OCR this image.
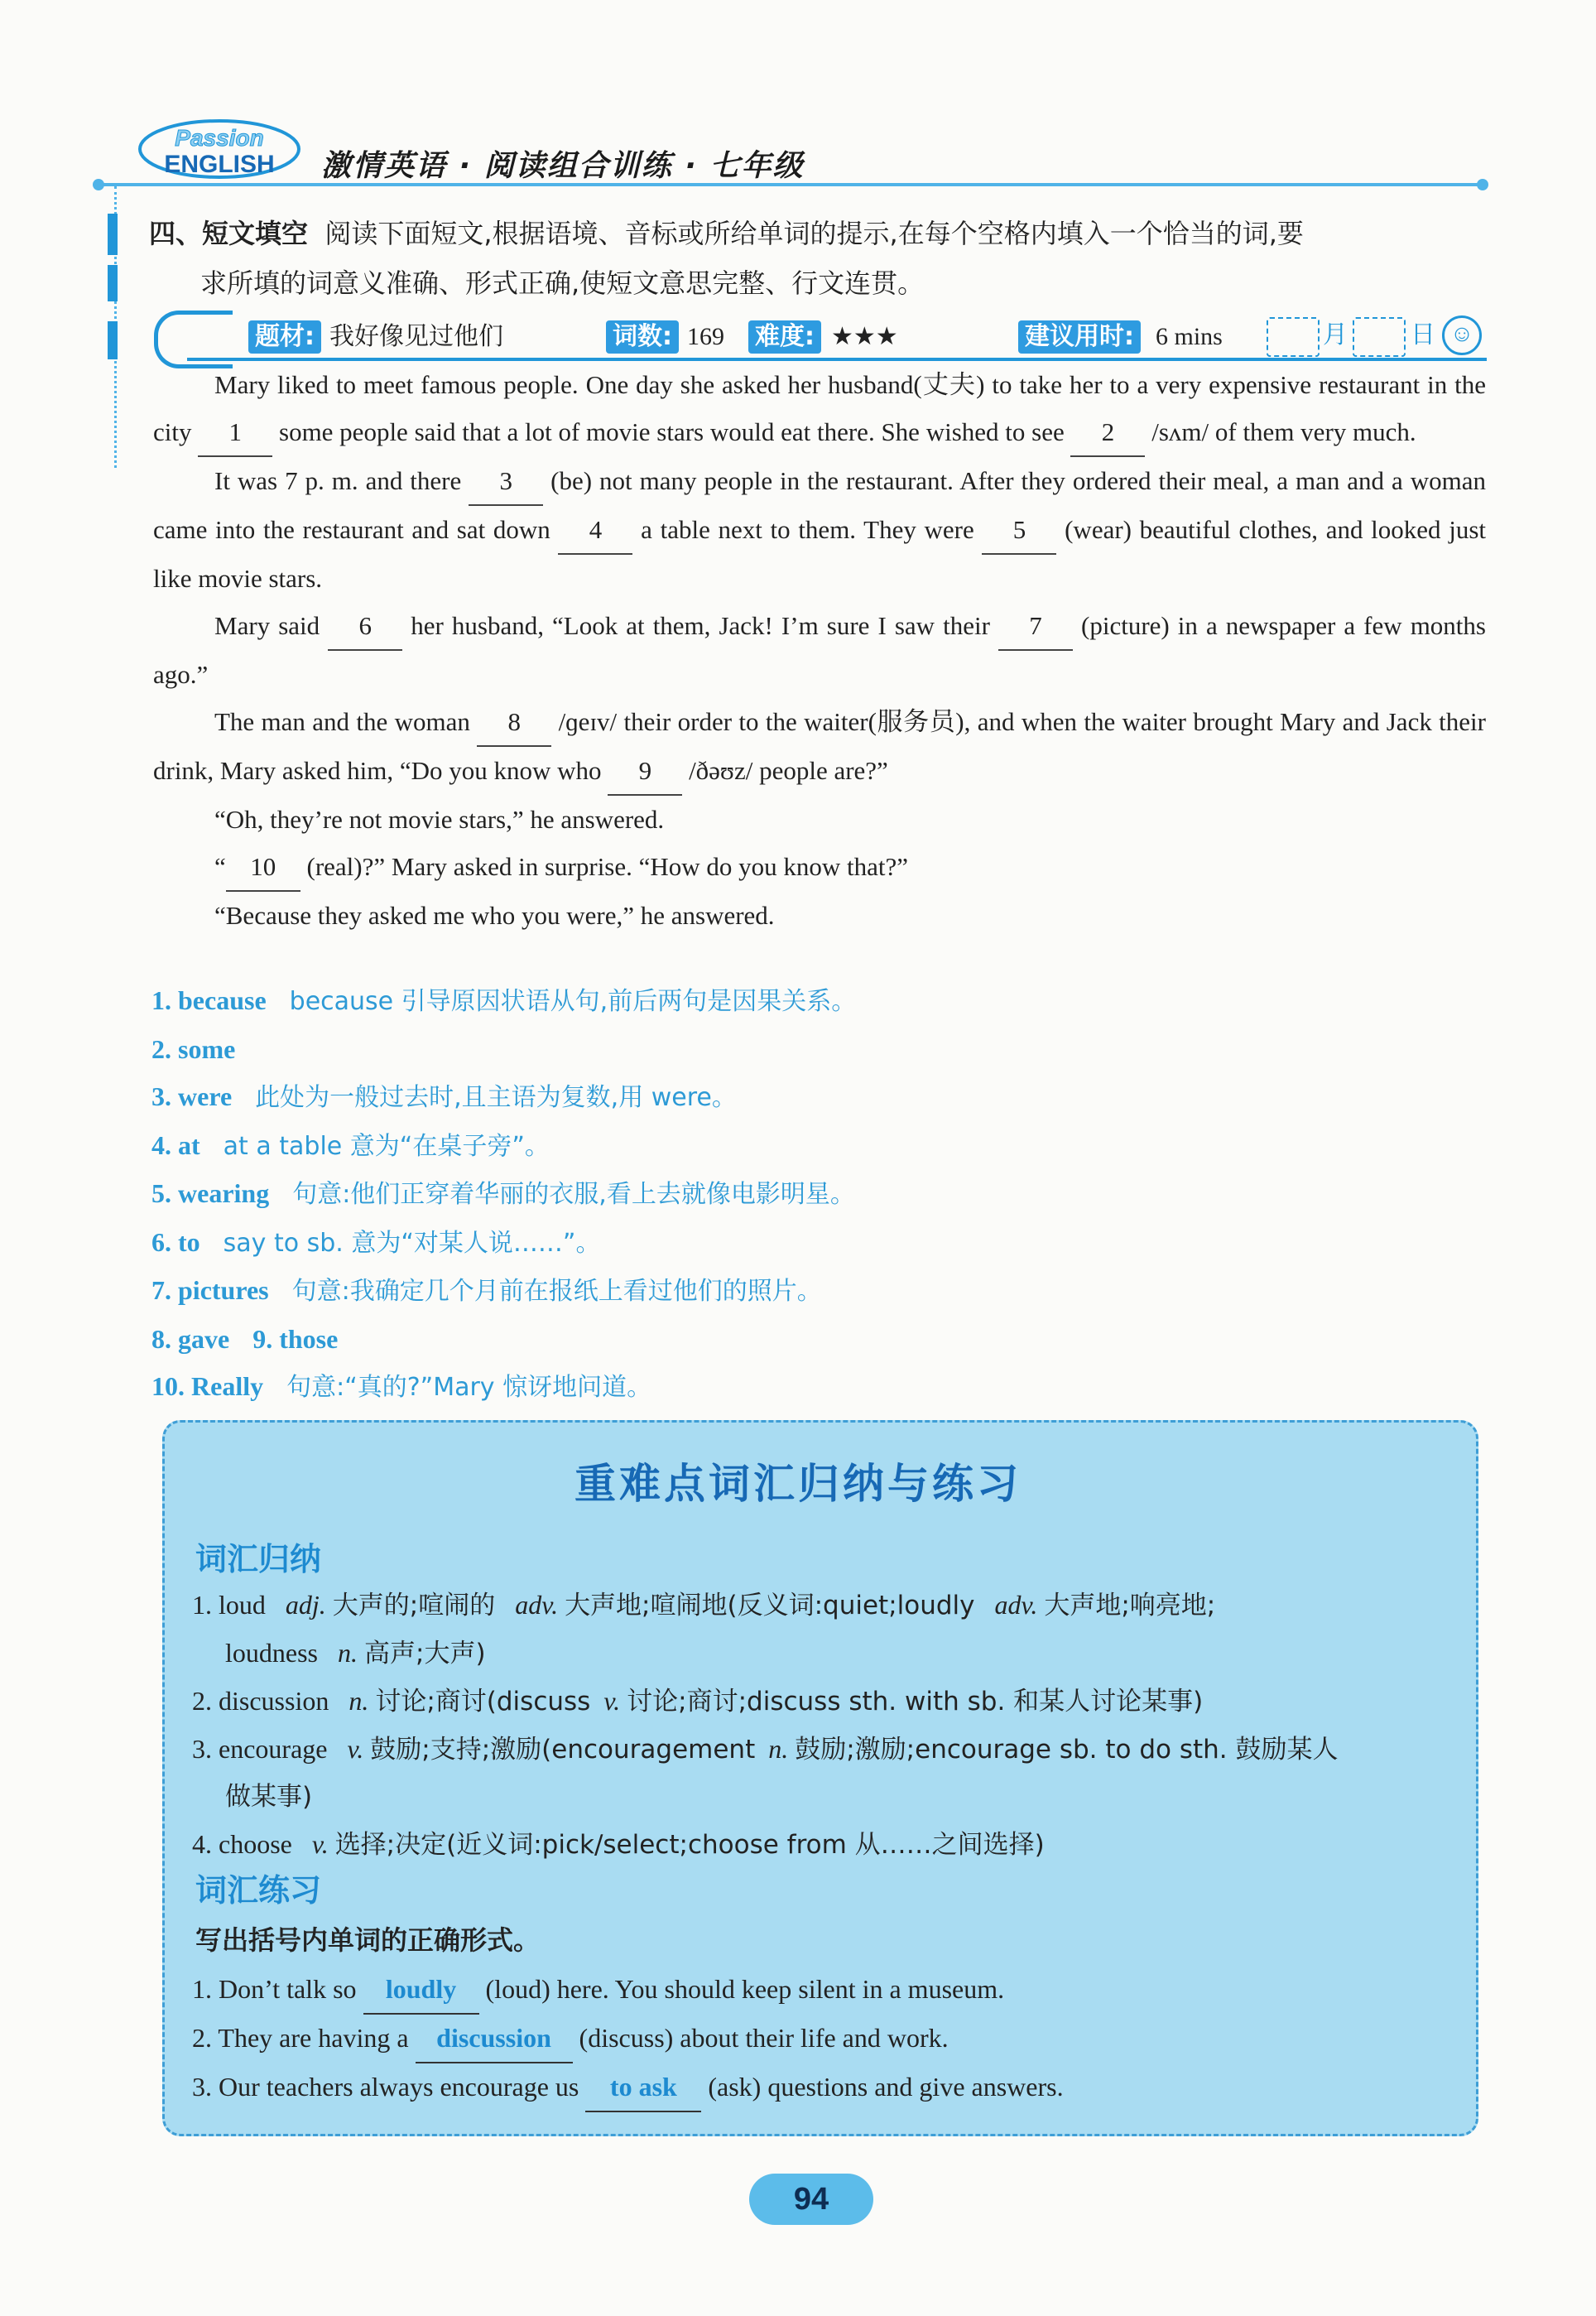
Passion
ENGLISH 激情英语 · 阅读组合训练 · 七年级
四、短文填空 阅读下面短文,根据语境、音标或所给单词的提示,在每个空格内填入一个恰当的词,要
求所填的词意义准确、形式正确,使短文意思完整、行文连贯。
题材: 我好像见过他们	词数: 169 难度: ★★★	建议用时: 6 mins	月	日 ☺

Mary liked to meet famous people. One day she asked her husband(丈夫) to take her to a very expensive restaurant in the city 1 some people said that a lot of movie stars would eat there. She wished to see 2 /sʌm/ of them very much.

It was 7 p. m. and there 3 (be) not many people in the restaurant. After they ordered their meal, a man and a woman came into the restaurant and sat down 4 a table next to them. They were 5 (wear) beautiful clothes, and looked just like movie stars.

Mary said 6 her husband, “Look at them, Jack! I’m sure I saw their 7 (picture) in a newspaper a few months ago.”

The man and the woman 8 /ɡeɪv/ their order to the waiter(服务员), and when the waiter brought Mary and Jack their drink, Mary asked him, “Do you know who 9 /ðəʊz/ people are?”

“Oh, they’re not movie stars,” he answered.

“ 10 (real)?” Mary asked in surprise. “How do you know that?”

“Because they asked me who you were,” he answered.

1. because because 引导原因状语从句,前后两句是因果关系。
2. some
3. were 此处为一般过去时,且主语为复数,用 were。
4. at at a table 意为“在桌子旁”。
5. wearing 句意:他们正穿着华丽的衣服,看上去就像电影明星。
6. to say to sb. 意为“对某人说……”。
7. pictures 句意:我确定几个月前在报纸上看过他们的照片。
8. gave 9. those
10. Really 句意:“真的?”Mary 惊讶地问道。
重难点词汇归纳与练习
词汇归纳
1. loud adj. 大声的;喧闹的 adv. 大声地;喧闹地(反义词:quiet;loudly adv. 大声地;响亮地;
loudness n. 高声;大声)
2. discussion n. 讨论;商讨(discuss v. 讨论;商讨;discuss sth. with sb. 和某人讨论某事)
3. encourage v. 鼓励;支持;激励(encouragement n. 鼓励;激励;encourage sb. to do sth. 鼓励某人
做某事)
4. choose v. 选择;决定(近义词:pick/select;choose from 从……之间选择)
词汇练习
写出括号内单词的正确形式。
1. Don’t talk so loudly (loud) here. You should keep silent in a museum.
2. They are having a discussion (discuss) about their life and work.
3. Our teachers always encourage us to ask (ask) questions and give answers.
94
